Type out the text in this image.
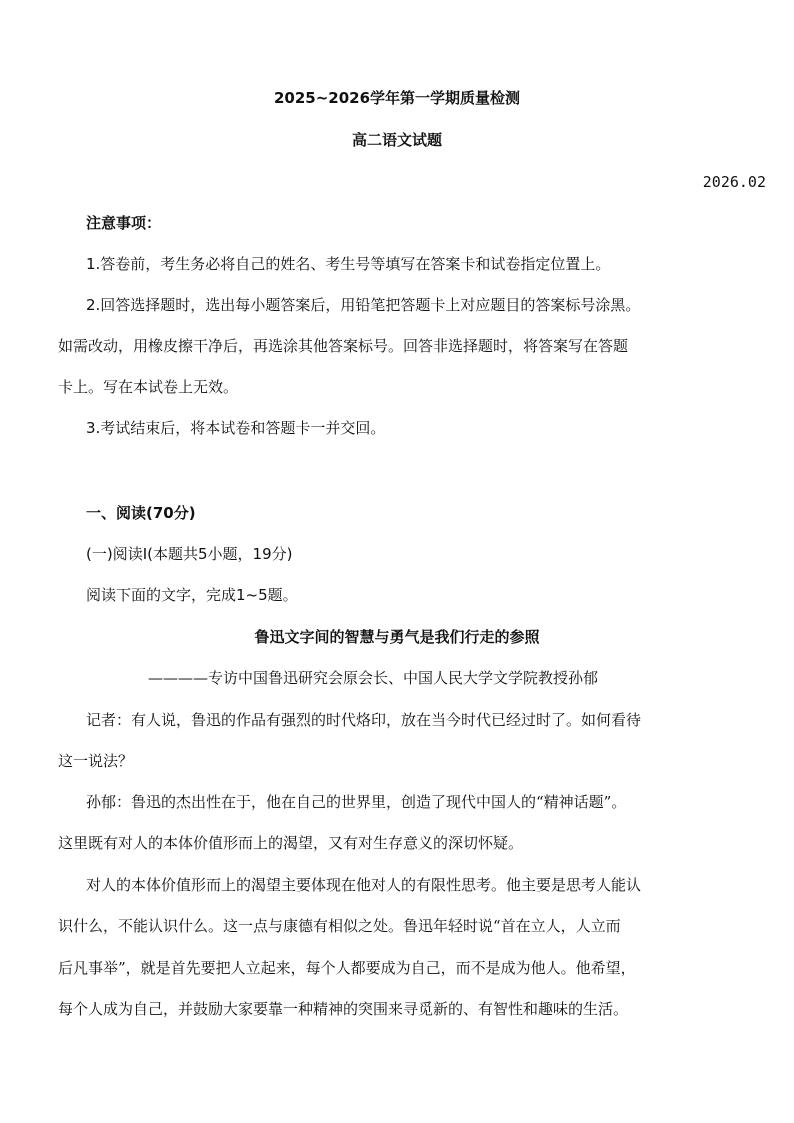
2025~2026学年第一学期质量检测
高二语文试题
2026.02
注意事项：
1.答卷前，考生务必将自己的姓名、考生号等填写在答案卡和试卷指定位置上。
2.回答选择题时，选出每小题答案后，用铅笔把答题卡上对应题目的答案标号涂黑。
如需改动，用橡皮擦干净后，再选涂其他答案标号。回答非选择题时，将答案写在答题
卡上。写在本试卷上无效。
3.考试结束后，将本试卷和答题卡一并交回。
一、阅读(70分)
(一)阅读Ⅰ(本题共5小题，19分)
阅读下面的文字，完成1~5题。
鲁迅文字间的智慧与勇气是我们行走的参照
————专访中国鲁迅研究会原会长、中国人民大学文学院教授孙郁
记者：有人说，鲁迅的作品有强烈的时代烙印，放在当今时代已经过时了。如何看待
这一说法？
孙郁：鲁迅的杰出性在于，他在自己的世界里，创造了现代中国人的“精神话题”。
这里既有对人的本体价值形而上的渴望，又有对生存意义的深切怀疑。
对人的本体价值形而上的渴望主要体现在他对人的有限性思考。他主要是思考人能认
识什么，不能认识什么。这一点与康德有相似之处。鲁迅年轻时说“首在立人，人立而
后凡事举”，就是首先要把人立起来，每个人都要成为自己，而不是成为他人。他希望，
每个人成为自己，并鼓励大家要靠一种精神的突围来寻觅新的、有智性和趣味的生活。
